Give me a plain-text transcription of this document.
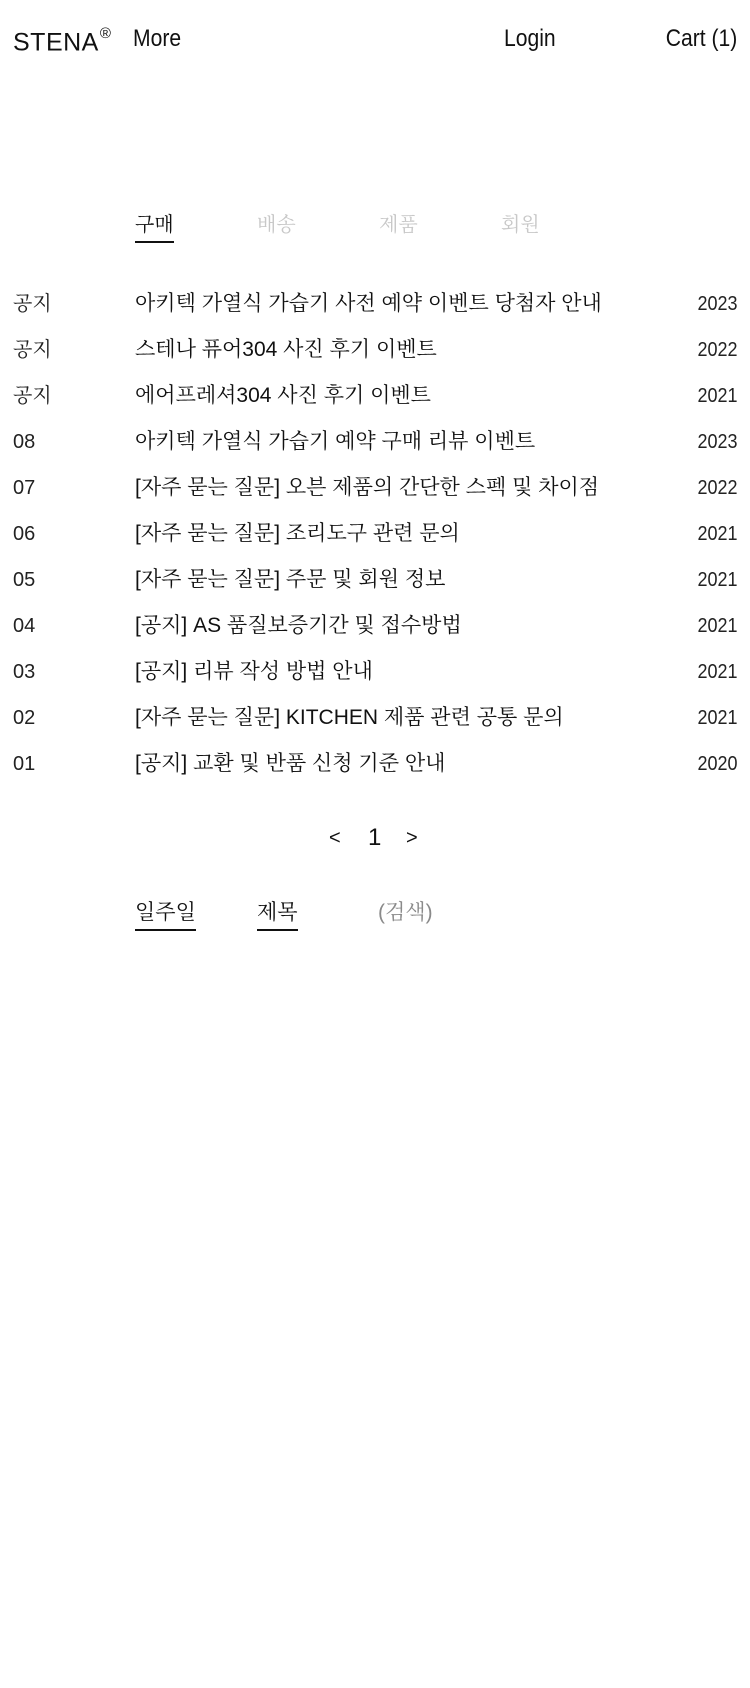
STENA® More	Login	Cart (1)
구매	배송	제품	회원
공지	아키텍 가열식 가습기 사전 예약 이벤트 당첨자 안내	2023
공지	스테나 퓨어304 사진 후기 이벤트	2022
공지	에어프레셔304 사진 후기 이벤트	2021
08	아키텍 가열식 가습기 예약 구매 리뷰 이벤트	2023
07	[자주 묻는 질문] 오븐 제품의 간단한 스펙 및 차이점	2022
06	[자주 묻는 질문] 조리도구 관련 문의	2021
05	[자주 묻는 질문] 주문 및 회원 정보	2021
04	[공지] AS 품질보증기간 및 접수방법	2021
03	[공지] 리뷰 작성 방법 안내	2021
02	[자주 묻는 질문] KITCHEN 제품 관련 공통 문의	2021
01	[공지] 교환 및 반품 신청 기준 안내	2020
< 1 >
일주일	제목
(검색)
